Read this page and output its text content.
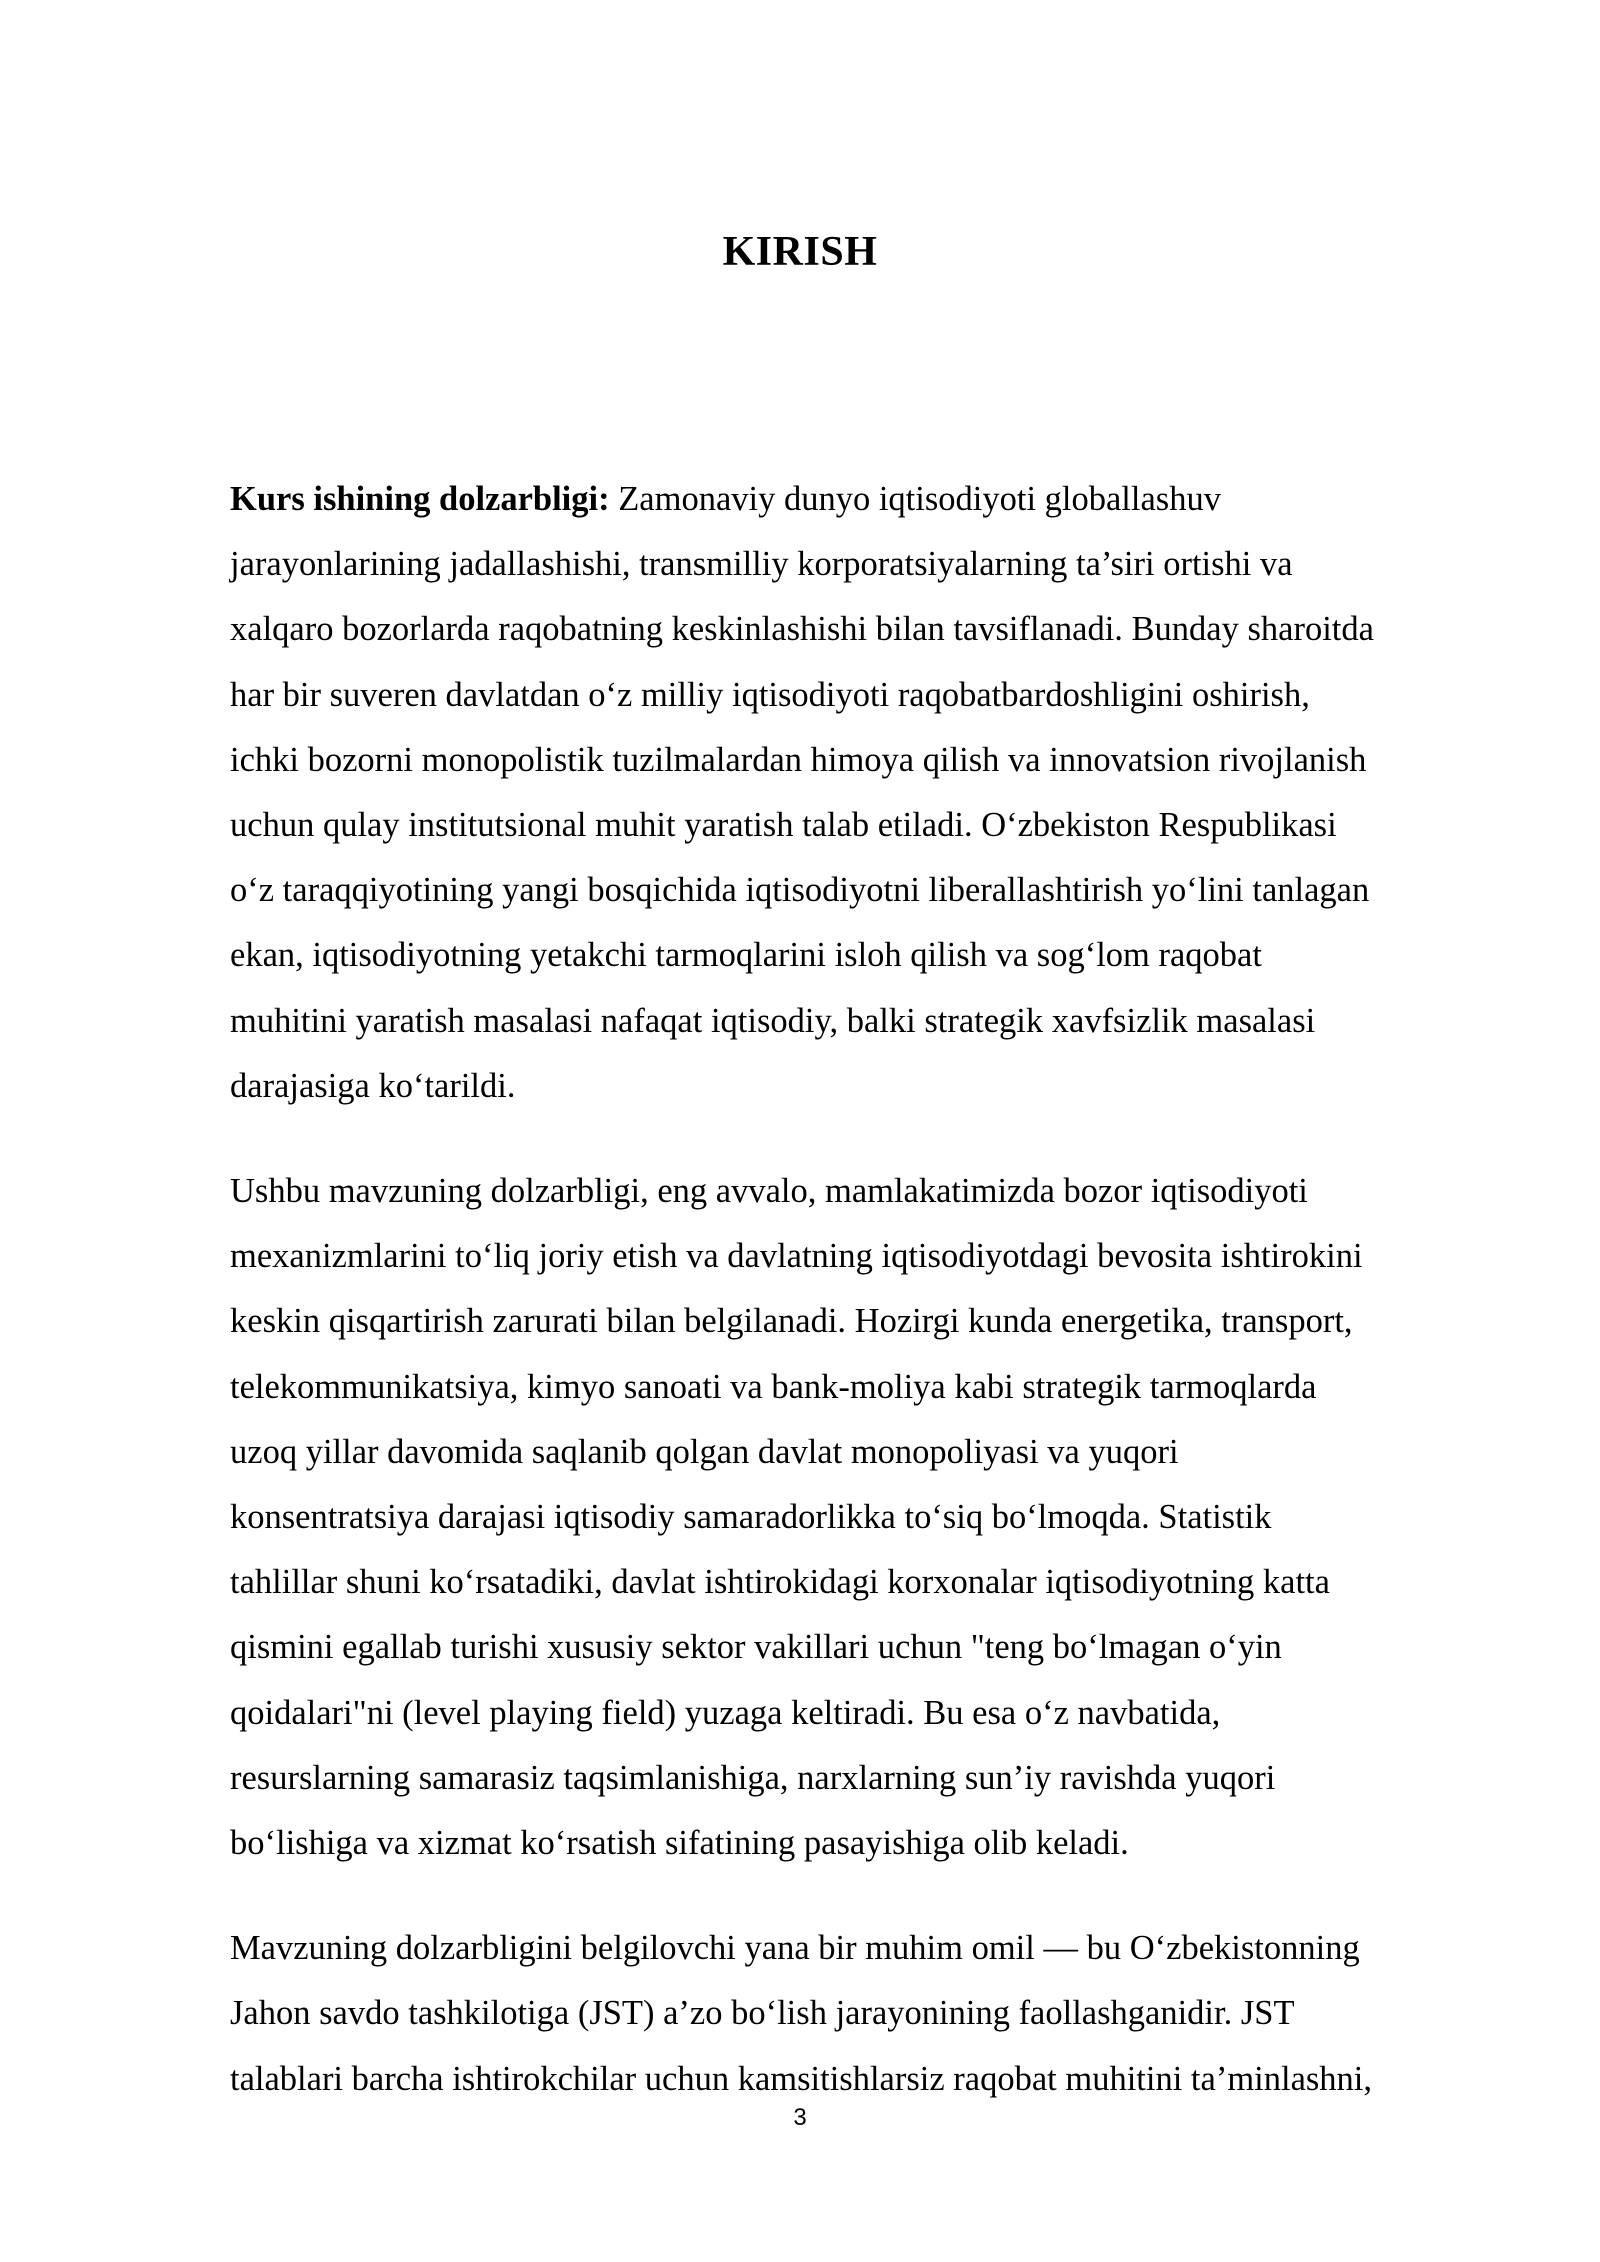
KIRISH

Kurs ishining dolzarbligi: Zamonaviy dunyo iqtisodiyoti globallashuv
jarayonlarining jadallashishi, transmilliy korporatsiyalarning ta’siri ortishi va
xalqaro bozorlarda raqobatning keskinlashishi bilan tavsiflanadi. Bunday sharoitda
har bir suveren davlatdan o‘z milliy iqtisodiyoti raqobatbardoshligini oshirish,
ichki bozorni monopolistik tuzilmalardan himoya qilish va innovatsion rivojlanish
uchun qulay institutsional muhit yaratish talab etiladi. O‘zbekiston Respublikasi
o‘z taraqqiyotining yangi bosqichida iqtisodiyotni liberallashtirish yo‘lini tanlagan
ekan, iqtisodiyotning yetakchi tarmoqlarini isloh qilish va sog‘lom raqobat
muhitini yaratish masalasi nafaqat iqtisodiy, balki strategik xavfsizlik masalasi
darajasiga ko‘tarildi.

Ushbu mavzuning dolzarbligi, eng avvalo, mamlakatimizda bozor iqtisodiyoti
mexanizmlarini to‘liq joriy etish va davlatning iqtisodiyotdagi bevosita ishtirokini
keskin qisqartirish zarurati bilan belgilanadi. Hozirgi kunda energetika, transport,
telekommunikatsiya, kimyo sanoati va bank-moliya kabi strategik tarmoqlarda
uzoq yillar davomida saqlanib qolgan davlat monopoliyasi va yuqori
konsentratsiya darajasi iqtisodiy samaradorlikka to‘siq bo‘lmoqda. Statistik
tahlillar shuni ko‘rsatadiki, davlat ishtirokidagi korxonalar iqtisodiyotning katta
qismini egallab turishi xususiy sektor vakillari uchun "teng bo‘lmagan o‘yin
qoidalari"ni (level playing field) yuzaga keltiradi. Bu esa o‘z navbatida,
resurslarning samarasiz taqsimlanishiga, narxlarning sun’iy ravishda yuqori
bo‘lishiga va xizmat ko‘rsatish sifatining pasayishiga olib keladi.

Mavzuning dolzarbligini belgilovchi yana bir muhim omil — bu O‘zbekistonning
Jahon savdo tashkilotiga (JST) a’zo bo‘lish jarayonining faollashganidir. JST
talablari barcha ishtirokchilar uchun kamsitishlarsiz raqobat muhitini ta’minlashni,

3
